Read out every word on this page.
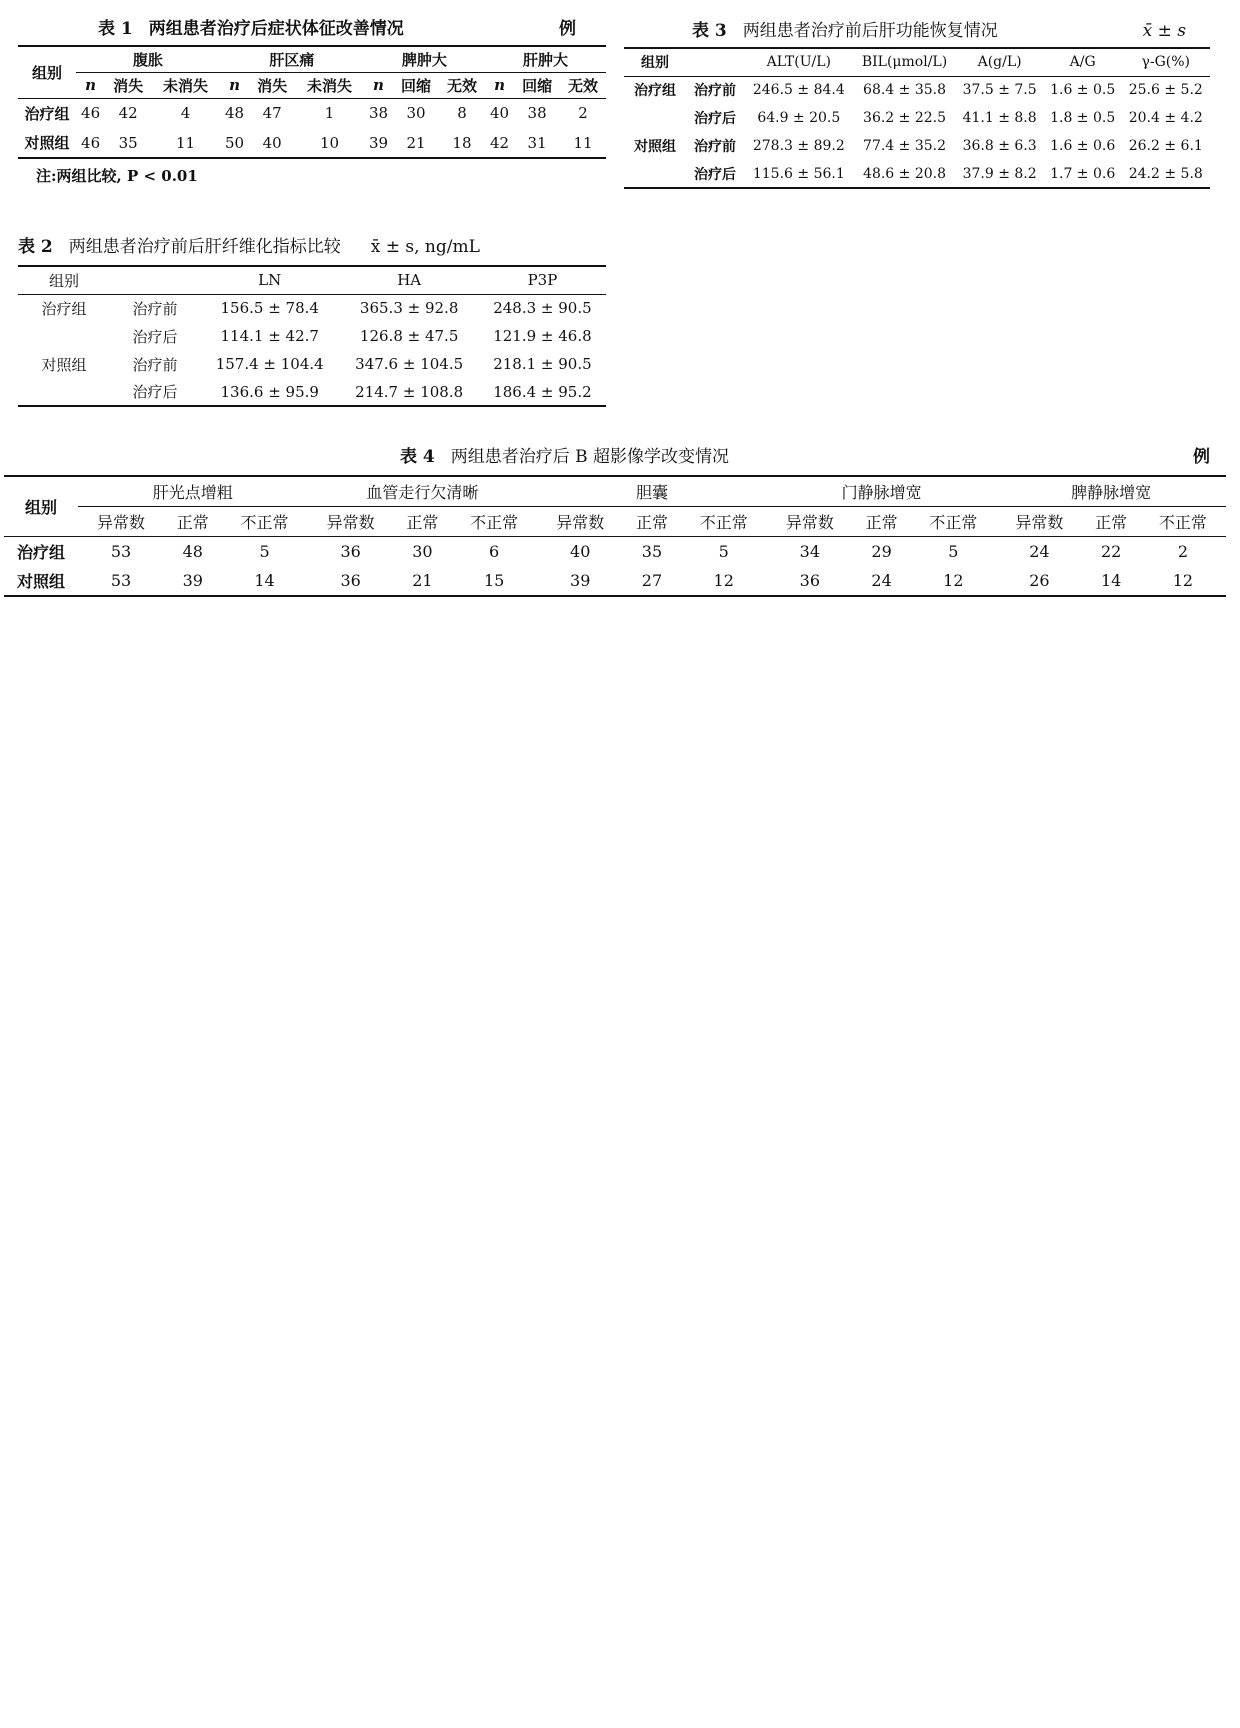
表 1 两组患者治疗后症状体征改善情况	例
组别	腹胀			肝区痛			脾肿大			肝肿大		
	n	消失	未消失	n	消失	未消失	n	回缩	无效	n	回缩	无效
治疗组	46	42	4	48	47	1	38	30	8	40	38	2
对照组	46	35	11	50	40	10	39	21	18	42	31	11
注:两组比较, P < 0.01
表 2 两组患者治疗前后肝纤维化指标比较 x̄ ± s, ng/mL
组别		LN	HA	P3P
治疗组	治疗前	156.5 ± 78.4	365.3 ± 92.8	248.3 ± 90.5
	治疗后	114.1 ± 42.7	126.8 ± 47.5	121.9 ± 46.8
对照组	治疗前	157.4 ± 104.4	347.6 ± 104.5	218.1 ± 90.5
	治疗后	136.6 ± 95.9	214.7 ± 108.8	186.4 ± 95.2
表 3 两组患者治疗前后肝功能恢复情况	x̄ ± s
组别		ALT(U/L)	BIL(μmol/L)	A(g/L)	A/G	γ-G(%)
治疗组	治疗前	246.5 ± 84.4	68.4 ± 35.8	37.5 ± 7.5	1.6 ± 0.5	25.6 ± 5.2
	治疗后	64.9 ± 20.5	36.2 ± 22.5	41.1 ± 8.8	1.8 ± 0.5	20.4 ± 4.2
对照组	治疗前	278.3 ± 89.2	77.4 ± 35.2	36.8 ± 6.3	1.6 ± 0.6	26.2 ± 6.1
	治疗后	115.6 ± 56.1	48.6 ± 20.8	37.9 ± 8.2	1.7 ± 0.6	24.2 ± 5.8
表 4 两组患者治疗后 B 超影像学改变情况	例
组别	肝光点增粗			血管走行欠清晰			胆囊			门静脉增宽			脾静脉增宽		
	异常数	正常	不正常	异常数	正常	不正常	异常数	正常	不正常	异常数	正常	不正常	异常数	正常	不正常
治疗组	53	48	5	36	30	6	40	35	5	34	29	5	24	22	2
对照组	53	39	14	36	21	15	39	27	12	36	24	12	26	14	12
